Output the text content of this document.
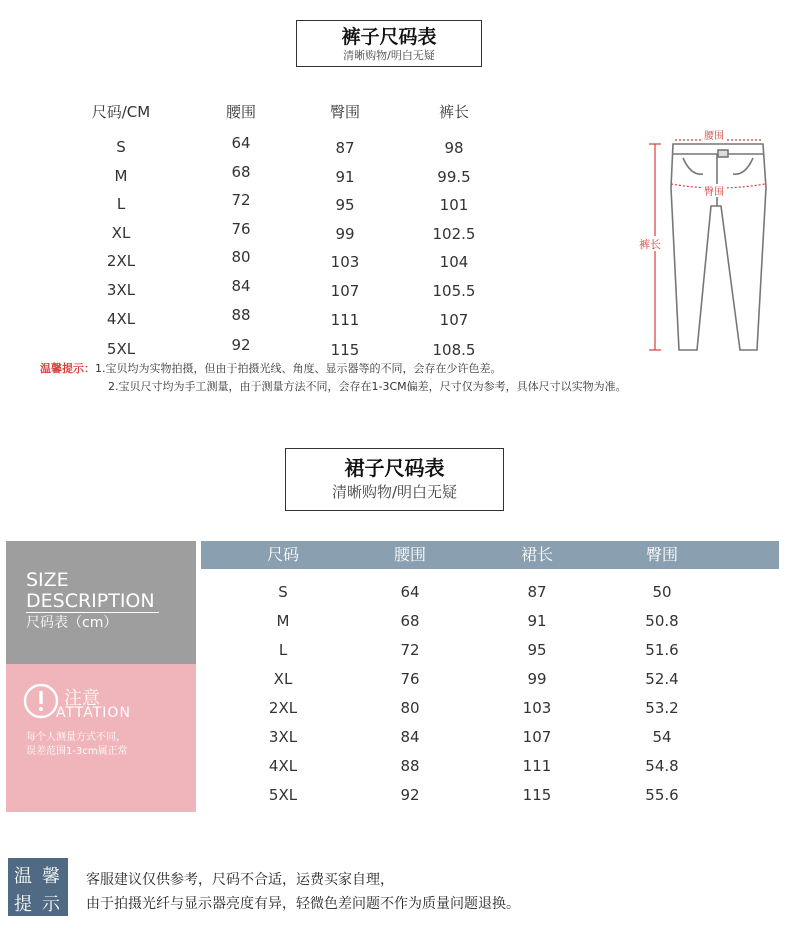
裤子尺码表
清晰购物/明白无疑
尺码/CM	腰围	臀围	裤长
S	64	87	98
M	68	91	99.5
L	72	95	101
XL	76	99	102.5
2XL	80	103	104
3XL	84	107	105.5
4XL	88	111	107
5XL	92	115	108.5
温馨提示：1.宝贝均为实物拍摄，但由于拍摄光线、角度、显示器等的不同，会存在少许色差。
2.宝贝尺寸均为手工测量，由于测量方法不同，会存在1-3CM偏差，尺寸仅为参考，具体尺寸以实物为准。
腰围
臀围
裤长
裙子尺码表
清晰购物/明白无疑
SIZE
DESCRIPTION
尺码表（cm）
注意
ATTATION
每个人测量方式不同，
误差范围1-3cm属正常
尺码	腰围	裙长	臀围
S	64	87	50
M	68	91	50.8
L	72	95	51.6
XL	76	99	52.4
2XL	80	103	53.2
3XL	84	107	54
4XL	88	111	54.8
5XL	92	115	55.6
温 馨
提 示
客服建议仅供参考，尺码不合适，运费买家自理，
由于拍摄光纤与显示器亮度有异，轻微色差问题不作为质量问题退换。
